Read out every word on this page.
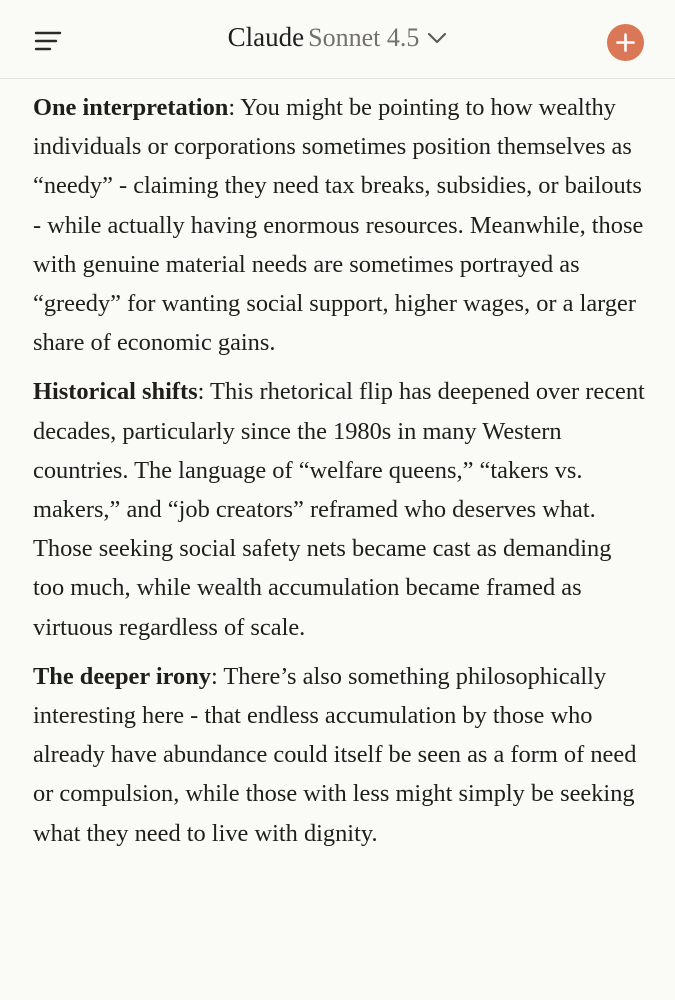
Claude Sonnet 4.5

One interpretation: You might be pointing to how wealthy individuals or corporations sometimes position themselves as “needy” - claiming they need tax breaks, subsidies, or bailouts - while actually having enormous resources. Meanwhile, those with genuine material needs are sometimes portrayed as “greedy” for wanting social support, higher wages, or a larger share of economic gains.

Historical shifts: This rhetorical flip has deepened over recent decades, particularly since the 1980s in many Western countries. The language of “welfare queens,” “takers vs. makers,” and “job creators” reframed who deserves what. Those seeking social safety nets became cast as demanding too much, while wealth accumulation became framed as virtuous regardless of scale.

The deeper irony: There’s also something philosophically interesting here - that endless accumulation by those who already have abundance could itself be seen as a form of need or compulsion, while those with less might simply be seeking what they need to live with dignity.
